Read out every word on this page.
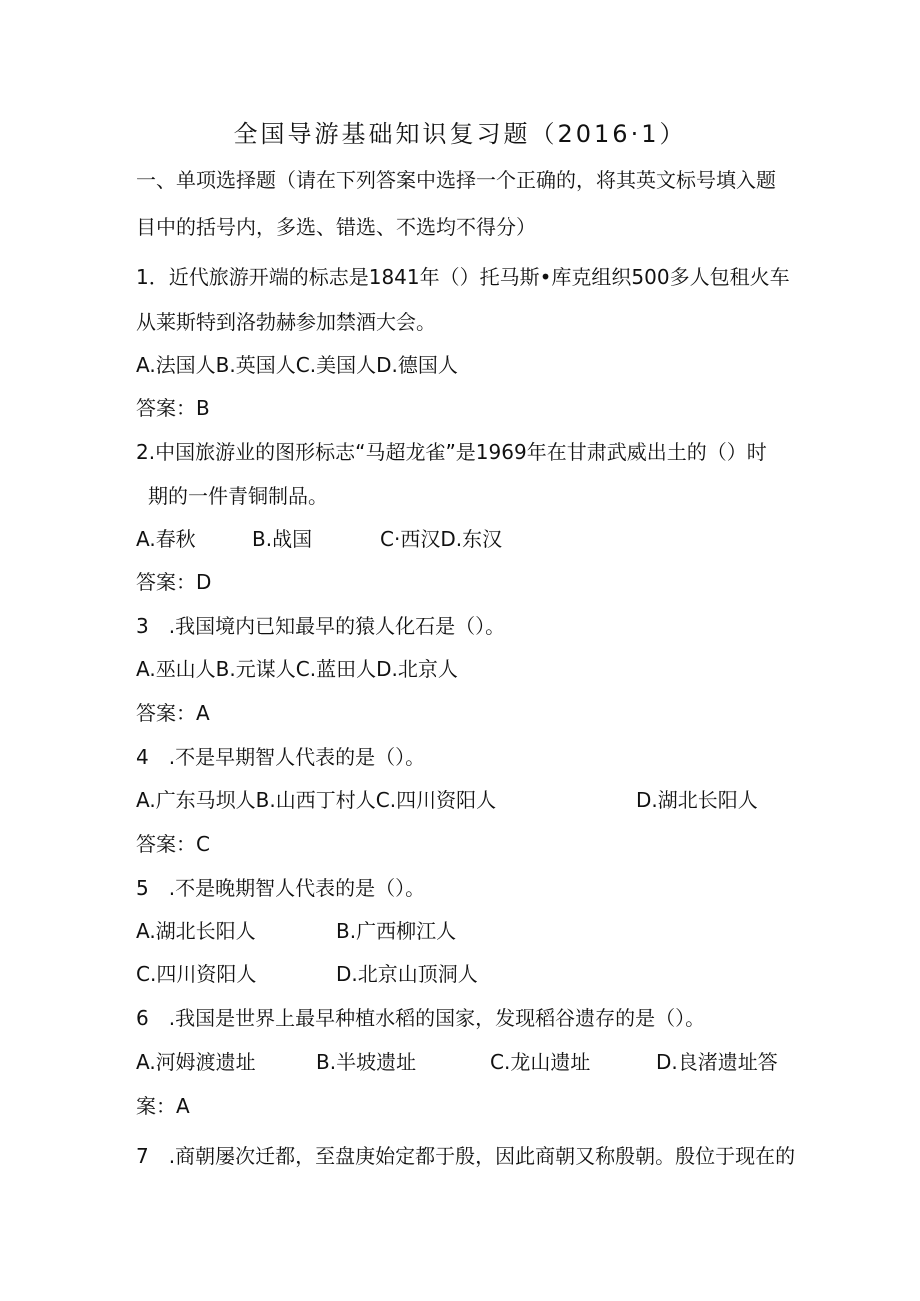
全国导游基础知识复习题（2016·1）
一、单项选择题（请在下列答案中选择一个正确的，将其英文标号填入题
目中的括号内，多选、错选、不选均不得分）
1．近代旅游开端的标志是1841年（）托马斯•库克组织500多人包租火车
从莱斯特到洛勃赫参加禁酒大会。
A.法国人B.英国人C.美国人D.德国人
答案：B
2.中国旅游业的图形标志“马超龙雀”是1969年在甘肃武威出土的（）时
期的一件青铜制品。
A.春秋	B.战国	C·西汉D.东汉
答案：D
3　.我国境内已知最早的猿人化石是（）。
A.巫山人B.元谋人C.蓝田人D.北京人
答案：A
4　.不是早期智人代表的是（）。
A.广东马坝人B.山西丁村人C.四川资阳人	D.湖北长阳人
答案：C
5　.不是晚期智人代表的是（）。
A.湖北长阳人	B.广西柳江人
C.四川资阳人	D.北京山顶洞人
6　.我国是世界上最早种植水稻的国家，发现稻谷遗存的是（）。
A.河姆渡遗址	B.半坡遗址	C.龙山遗址	D.良渚遗址答
案：A
7　.商朝屡次迁都，至盘庚始定都于殷，因此商朝又称殷朝。殷位于现在的
